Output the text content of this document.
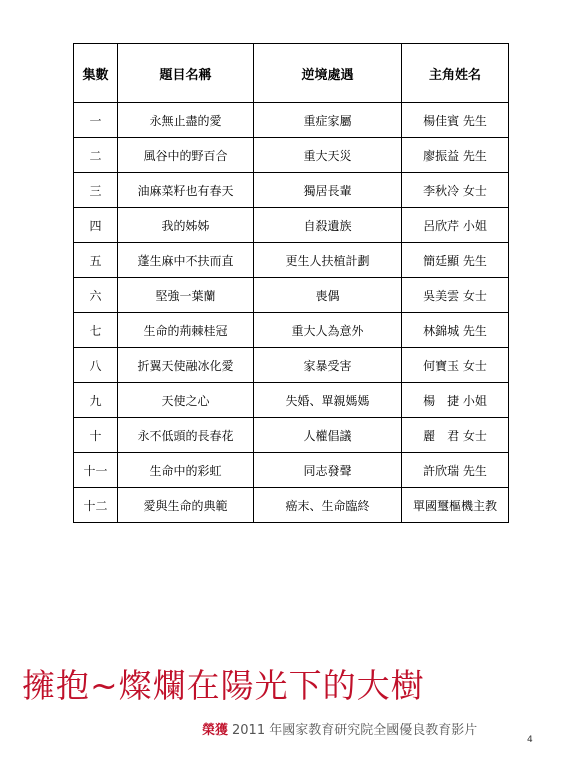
集數	題目名稱	逆境處遇	主角姓名
一	永無止盡的愛	重症家屬	楊佳賓 先生
二	風谷中的野百合	重大天災	廖振益 先生
三	油麻菜籽也有春天	獨居長輩	李秋冷 女士
四	我的姊姊	自殺遺族	呂欣芹 小姐
五	蓬生麻中不扶而直	更生人扶植計劃	簡廷顯 先生
六	堅強一葉蘭	喪偶	吳美雲 女士
七	生命的荊棘桂冠	重大人為意外	林錦城 先生
八	折翼天使融冰化愛	家暴受害	何寶玉 女士
九	天使之心	失婚、單親媽媽	楊　捷 小姐
十	永不低頭的長春花	人權倡議	麗　君 女士
十一	生命中的彩虹	同志發聲	許欣瑞 先生
十二	愛與生命的典範	癌末、生命臨終	單國璽樞機主教
擁抱~燦爛在陽光下的大樹
榮獲 2011 年國家教育研究院全國優良教育影片
4
